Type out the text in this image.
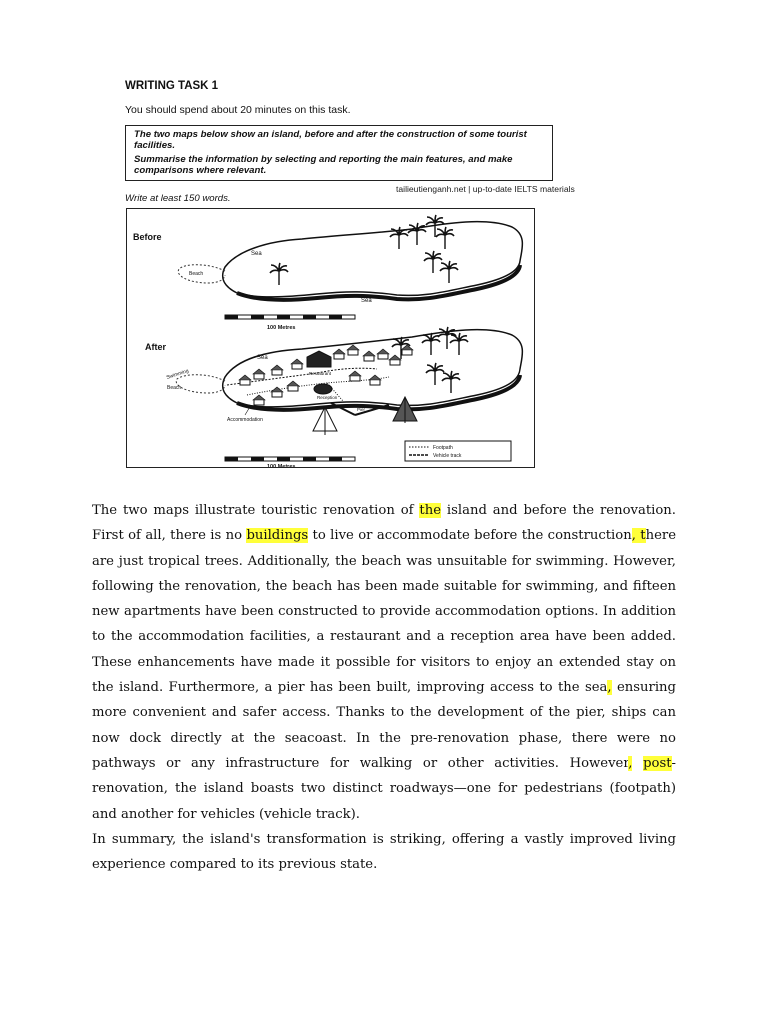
WRITING TASK 1
You should spend about 20 minutes on this task.

The two maps below show an island, before and after the construction of some tourist facilities.

Summarise the information by selecting and reporting the main features, and make comparisons where relevant.

tailieutienganh.net | up-to-date IELTS materials
Write at least 150 words.
Before
Beach
Sea
Sea
100 Metres
After
Swimming
Beach
Sea
Restaurant
Reception
Pier
Accommodation
Footpath
Vehicle track
100 Metres

The two maps illustrate touristic renovation of the island and before the renovation. First of all, there is no buildings to live or accommodate before the construction, there are just tropical trees. Additionally, the beach was unsuitable for swimming. However, following the renovation, the beach has been made suitable for swimming, and fifteen new apartments have been constructed to provide accommodation options. In addition to the accommodation facilities, a restaurant and a reception area have been added. These enhancements have made it possible for visitors to enjoy an extended stay on the island. Furthermore, a pier has been built, improving access to the sea, ensuring more convenient and safer access. Thanks to the development of the pier, ships can now dock directly at the seacoast. In the pre-renovation phase, there were no pathways or any infrastructure for walking or other activities. However, post-renovation, the island boasts two distinct roadways—one for pedestrians (footpath) and another for vehicles (vehicle track).

In summary, the island's transformation is striking, offering a vastly improved living experience compared to its previous state.
